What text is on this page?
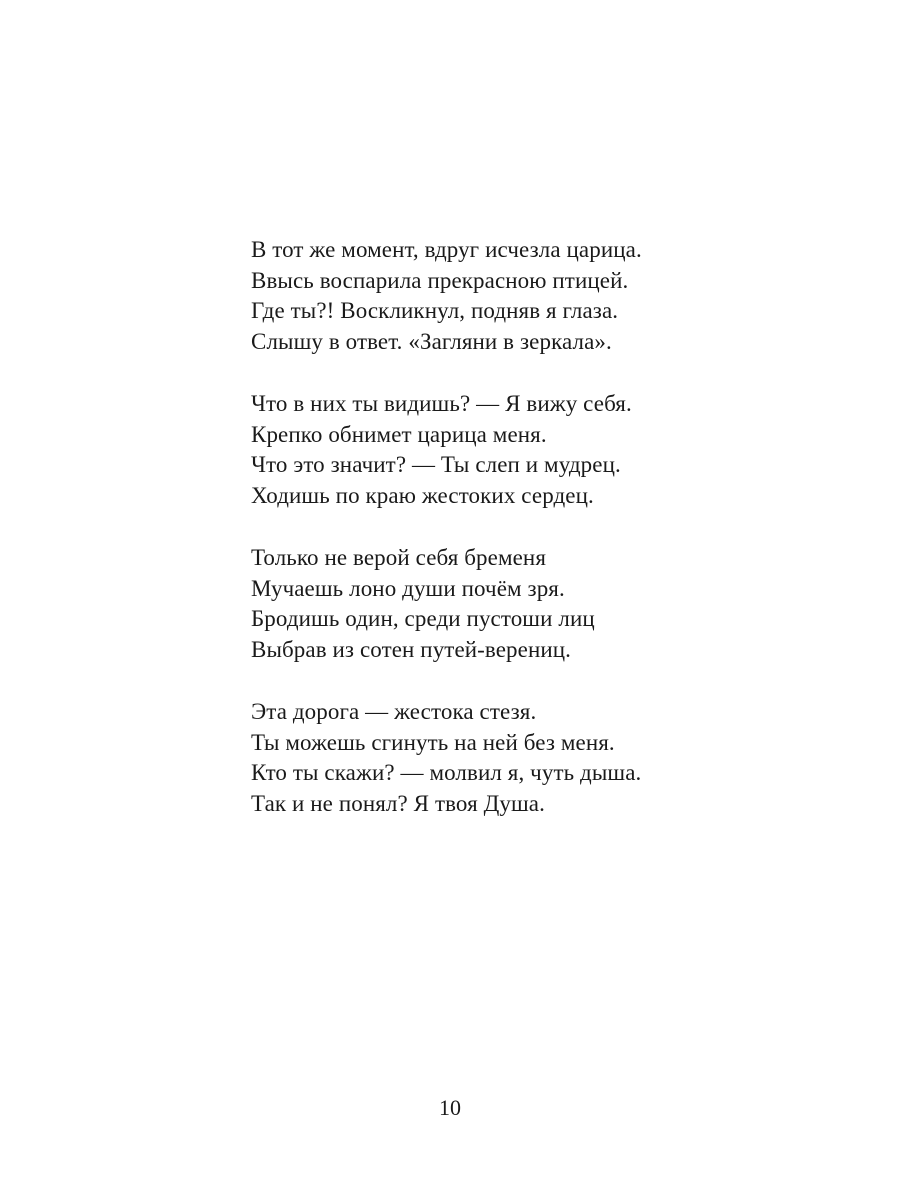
В тот же момент, вдруг исчезла царица.
Ввысь воспарила прекрасною птицей.
Где ты?! Воскликнул, подняв я глаза.
Слышу в ответ. «Загляни в зеркала».
Что в них ты видишь? — Я вижу себя.
Крепко обнимет царица меня.
Что это значит? — Ты слеп и мудрец.
Ходишь по краю жестоких сердец.
Только не верой себя бременя
Мучаешь лоно души почём зря.
Бродишь один, среди пустоши лиц
Выбрав из сотен путей-верениц.
Эта дорога — жестока стезя.
Ты можешь сгинуть на ней без меня.
Кто ты скажи? — молвил я, чуть дыша.
Так и не понял? Я твоя Душа.
10
